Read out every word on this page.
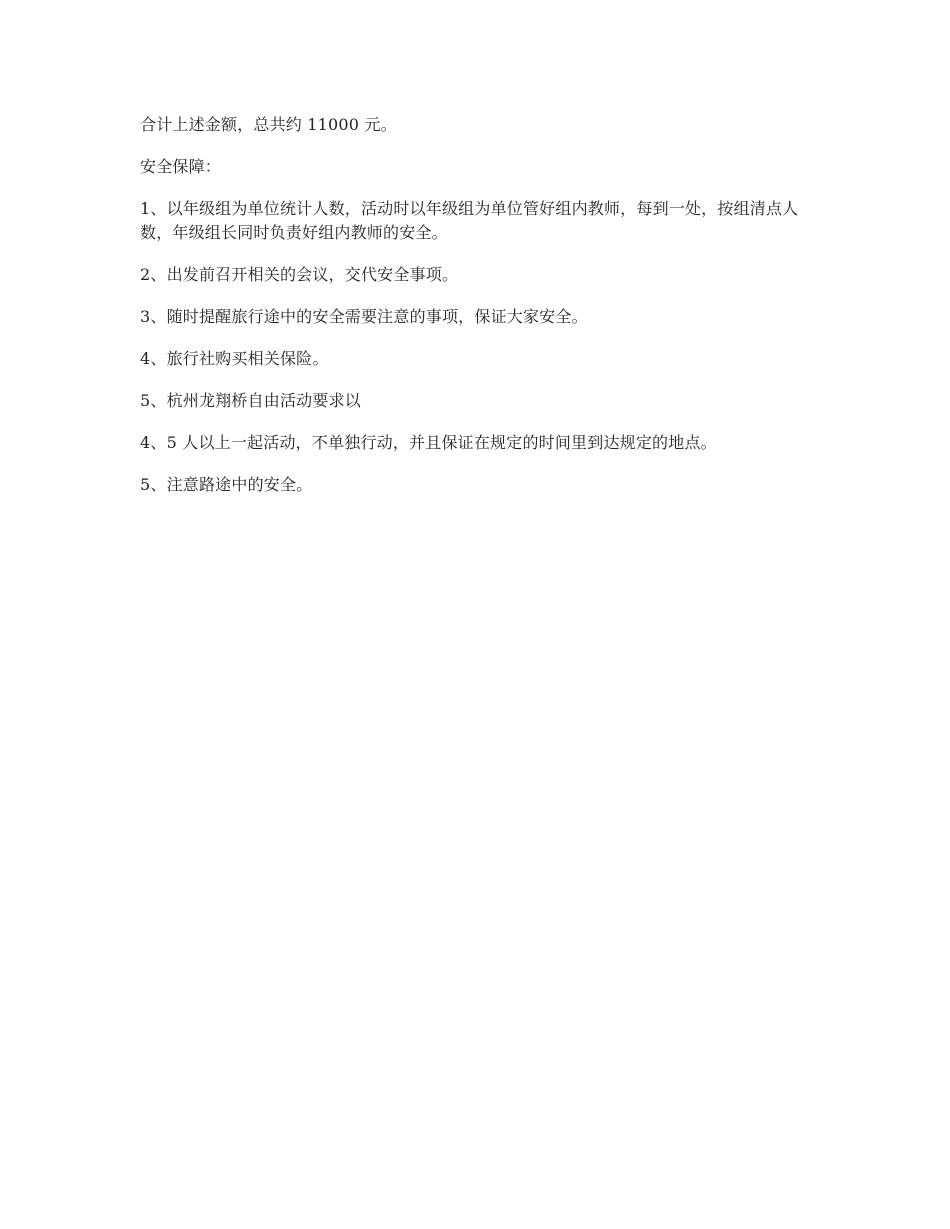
合计上述金额，总共约 11000 元。

安全保障：

1、以年级组为单位统计人数，活动时以年级组为单位管好组内教师，每到一处，按组清点人数，年级组长同时负责好组内教师的安全。

2、出发前召开相关的会议，交代安全事项。

3、随时提醒旅行途中的安全需要注意的事项，保证大家安全。

4、旅行社购买相关保险。

5、杭州龙翔桥自由活动要求以

4、5 人以上一起活动，不单独行动，并且保证在规定的时间里到达规定的地点。

5、注意路途中的安全。
